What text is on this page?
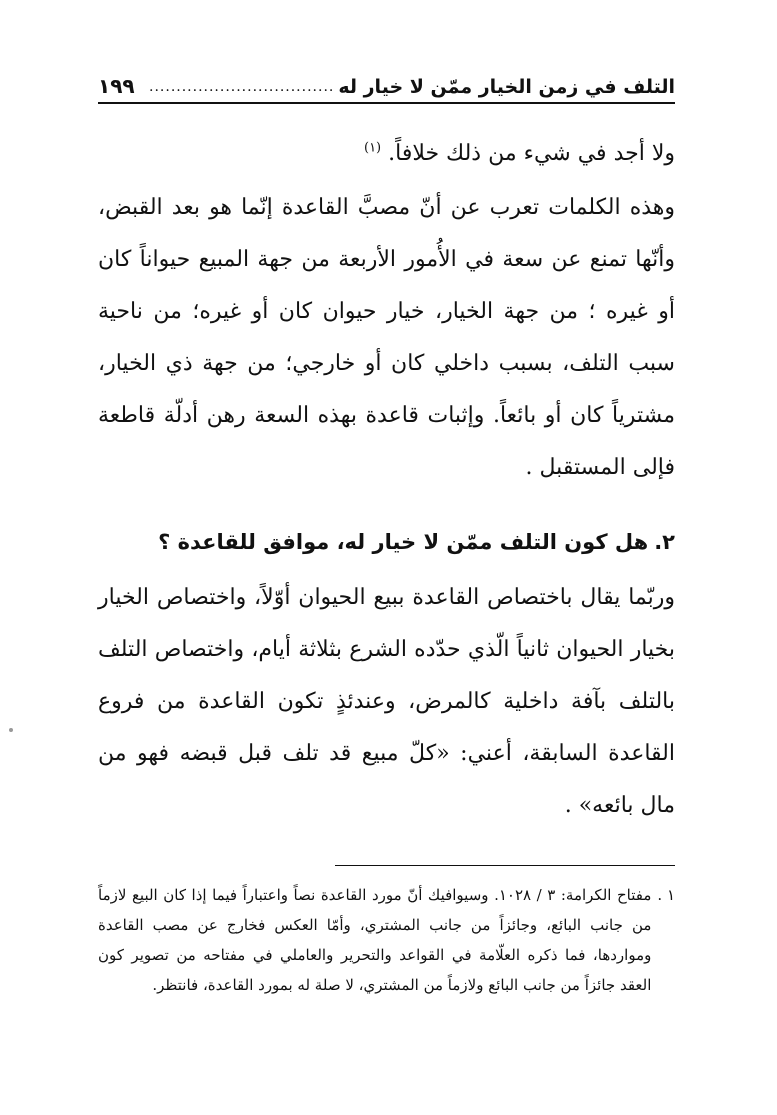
التلف في زمن الخيار ممّن لا خيار له
..................................
١٩٩

ولا أجد في شيء من ذلك خلافاً. $^{(١)}$

وهذه الكلمات تعرب عن أنّ مصبَّ القاعدة إنّما هو بعد القبض، وأنّها تمنع عن سعة في الأُمور الأربعة من جهة المبيع حيواناً كان أو غيره ؛ من جهة الخيار، خيار حيوان كان أو غيره؛ من ناحية سبب التلف، بسبب داخلي كان أو خارجي؛ من جهة ذي الخيار، مشترياً كان أو بائعاً. وإثبات قاعدة بهذه السعة رهن أدلّة قاطعة فإلى المستقبل .

٢.
هل كون التلف ممّن لا خيار له، موافق للقاعدة ؟

وربّما يقال باختصاص القاعدة ببيع الحيوان أوّلاً، واختصاص الخيار بخيار الحيوان ثانياً الّذي حدّده الشرع بثلاثة أيام، واختصاص التلف بالتلف بآفة داخلية كالمرض، وعندئذٍ تكون القاعدة من فروع القاعدة السابقة، أعني: «كلّ مبيع قد تلف قبل قبضه فهو من مال بائعه» .

١ .
مفتاح الكرامة: ٣ / ١٠٢٨. وسيوافيك أنّ مورد القاعدة نصاً واعتباراً فيما إذا كان البيع لازماً من جانب البائع، وجائزاً من جانب المشتري، وأمّا العكس فخارج عن مصب القاعدة ومواردها، فما ذكره العلّامة في القواعد والتحرير والعاملي في مفتاحه من تصوير كون العقد جائزاً من جانب البائع ولازماً من المشتري، لا صلة له بمورد القاعدة، فانتظر.
